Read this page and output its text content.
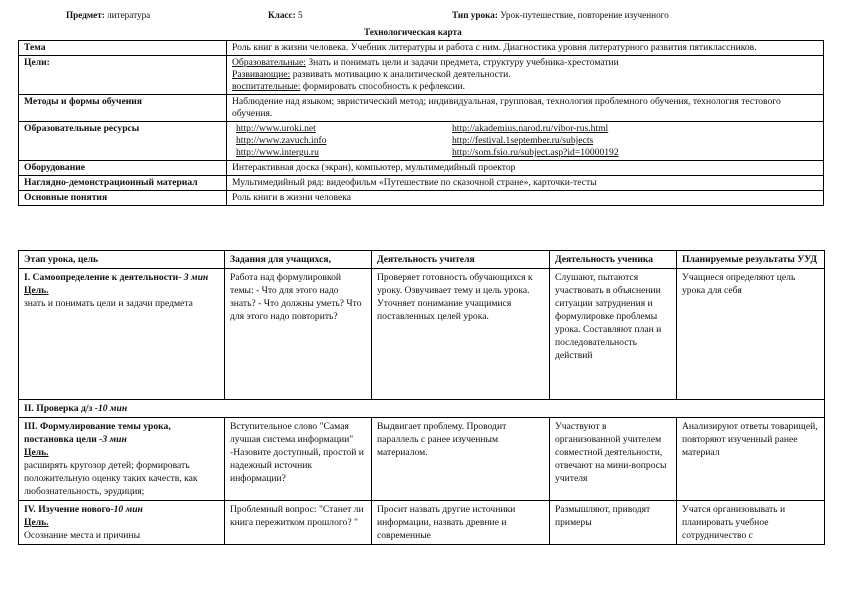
Предмет: литература	Класс: 5	Тип урока: Урок-путешествие, повторение изученного
Технологическая карта
Тема	Роль книг в жизни человека. Учебник литературы и работа с ним. Диагностика уровня литературного развития пятиклассников.
Цели:	Образовательные: Знать и понимать цели и задачи предмета, структуру учебника-хрестоматии
Развивающие: развивать мотивацию к аналитической деятельности.
воспитательные: формировать способность к рефлексии.

Методы и формы обучения	Наблюдение над языком; эвристический метод; индивидуальная, групповая, технология проблемного обучения, технология тестового обучения.
Образовательные ресурсы	http://www.uroki.net http://akademius.narod.ru/vibor-rus.html
http://www.zavuch.info http://festival.1september.ru/subjects
http://www.intergu.ru http://som.fsio.ru/subject.asp?id=10000192

Оборудование	Интерактивная доска (экран), компьютер, мультимедийный проектор
Наглядно-демонстрационный материал	Мультимедийный ряд: видеофильм «Путешествие по сказочной стране», карточки-тесты
Основные понятия	Роль книги в жизни человека
Этап урока, цель	Задания для учащихся,	Деятельность учителя	Деятельность ученика	Планируемые результаты УУД
I. Самоопределение к деятельности- 3 мин
Цель.
знать и понимать цели и задачи предмета	Работа над формулировкой темы: - Что для этого надо знать? - Что должны уметь? Что для этого надо повторить?	Проверяет готовность обучающихся к уроку. Озвучивает тему и цель урока. Уточняет понимание учащимися поставленных целей урока.	Слушают, пытаются участвовать в объяснении ситуации затруднения и формулировке проблемы урока. Составляют план и последовательность действий	Учащиеся определяют цель урока для себя
II. Проверка д/з -10 мин				
III. Формулирование темы урока, постановка цели -3 мин
Цель.
расширять кругозор детей; формировать положительную оценку таких качеств, как любознательность, эрудиция;	Вступительное слово "Самая лучшая система информации" -Назовите доступный, простой и надежный источник информации?	Выдвигает проблему. Проводит параллель с ранее изученным материалом.	Участвуют в организованной учителем совместной деятельности, отвечают на мини-вопросы учителя	Анализируют ответы товарищей, повторяют изученный ранее материал
IV. Изучение нового-10 мин
Цель.
Осознание места и причины	Проблемный вопрос: "Станет ли книга пережитком прошлого? "	Просит назвать другие источники информации, назвать древние и современные	Размышляют, приводят примеры	Учатся организовывать и планировать учебное сотрудничество с
